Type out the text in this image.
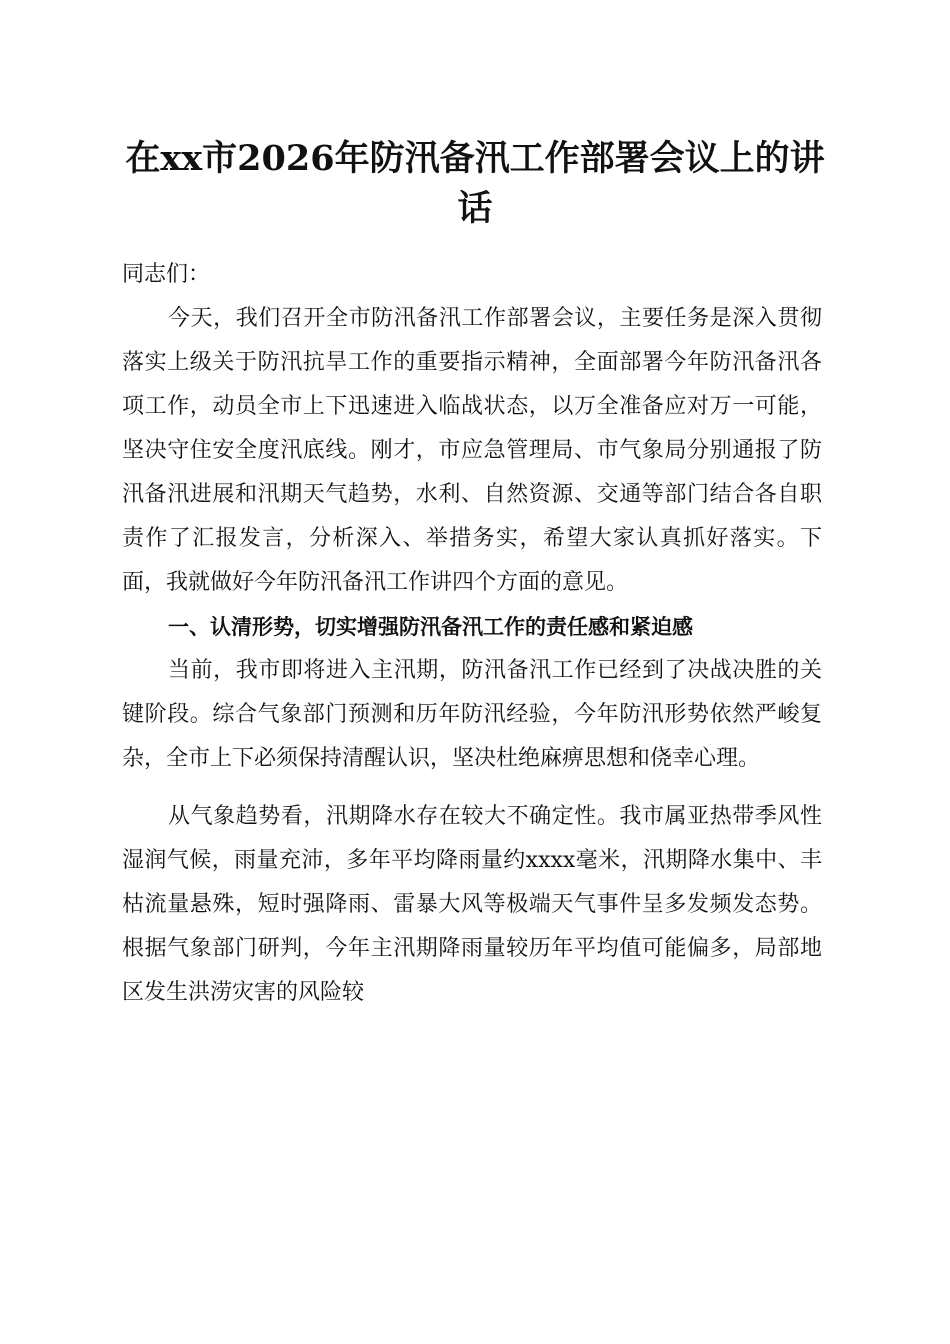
在xx市2026年防汛备汛工作部署会议上的讲话

同志们：

今天，我们召开全市防汛备汛工作部署会议，主要任务是深入贯彻落实上级关于防汛抗旱工作的重要指示精神，全面部署今年防汛备汛各项工作，动员全市上下迅速进入临战状态，以万全准备应对万一可能，坚决守住安全度汛底线。刚才，市应急管理局、市气象局分别通报了防汛备汛进展和汛期天气趋势，水利、自然资源、交通等部门结合各自职责作了汇报发言，分析深入、举措务实，希望大家认真抓好落实。下面，我就做好今年防汛备汛工作讲四个方面的意见。

一、认清形势，切实增强防汛备汛工作的责任感和紧迫感

当前，我市即将进入主汛期，防汛备汛工作已经到了决战决胜的关键阶段。综合气象部门预测和历年防汛经验，今年防汛形势依然严峻复杂，全市上下必须保持清醒认识，坚决杜绝麻痹思想和侥幸心理。

从气象趋势看，汛期降水存在较大不确定性。我市属亚热带季风性湿润气候，雨量充沛，多年平均降雨量约xxxx毫米，汛期降水集中、丰枯流量悬殊，短时强降雨、雷暴大风等极端天气事件呈多发频发态势。根据气象部门研判，今年主汛期降雨量较历年平均值可能偏多，局部地区发生洪涝灾害的风险较
